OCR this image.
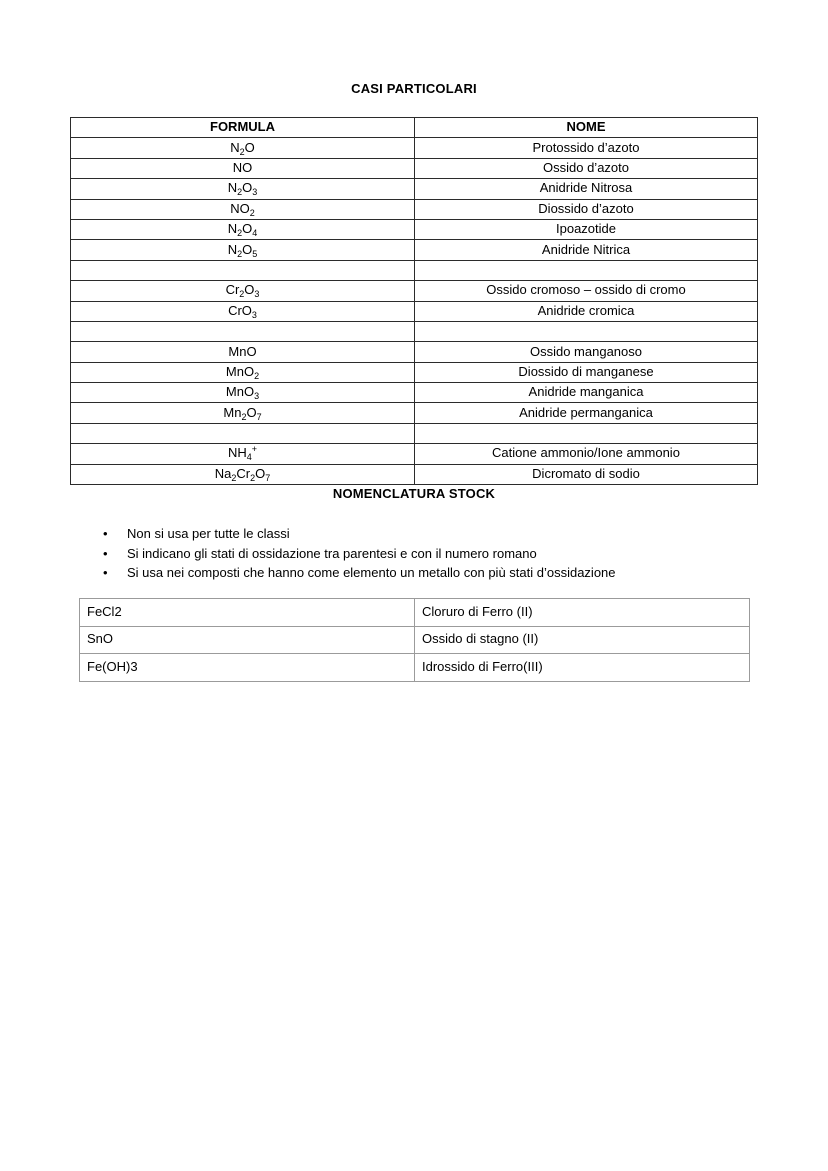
CASI PARTICOLARI
FORMULA	NOME
$N_2O$	Protossido d’azoto
NO	Ossido d’azoto
$N_2O_3$	Anidride Nitrosa
$NO_2$	Diossido d’azoto
$N_2O_4$	Ipoazotide
$N_2O_5$	Anidride Nitrica

$Cr_2O_3$	Ossido cromoso – ossido di cromo
CrO$_3$	Anidride cromica

MnO	Ossido manganoso
MnO$_2$	Diossido di manganese
MnO$_3$	Anidride manganica
$Mn_2O_7$	Anidride permanganica

$NH_4^+$	Catione ammonio/Ione ammonio
$Na_2Cr_2O_7$	Dicromato di sodio
NOMENCLATURA STOCK
• Non si usa per tutte le classi
• Si indicano gli stati di ossidazione tra parentesi e con il numero romano
• Si usa nei composti che hanno come elemento un metallo con più stati d’ossidazione
FeCl2	Cloruro di Ferro (II)
SnO	Ossido di stagno (II)
Fe(OH)3	Idrossido di Ferro(III)
